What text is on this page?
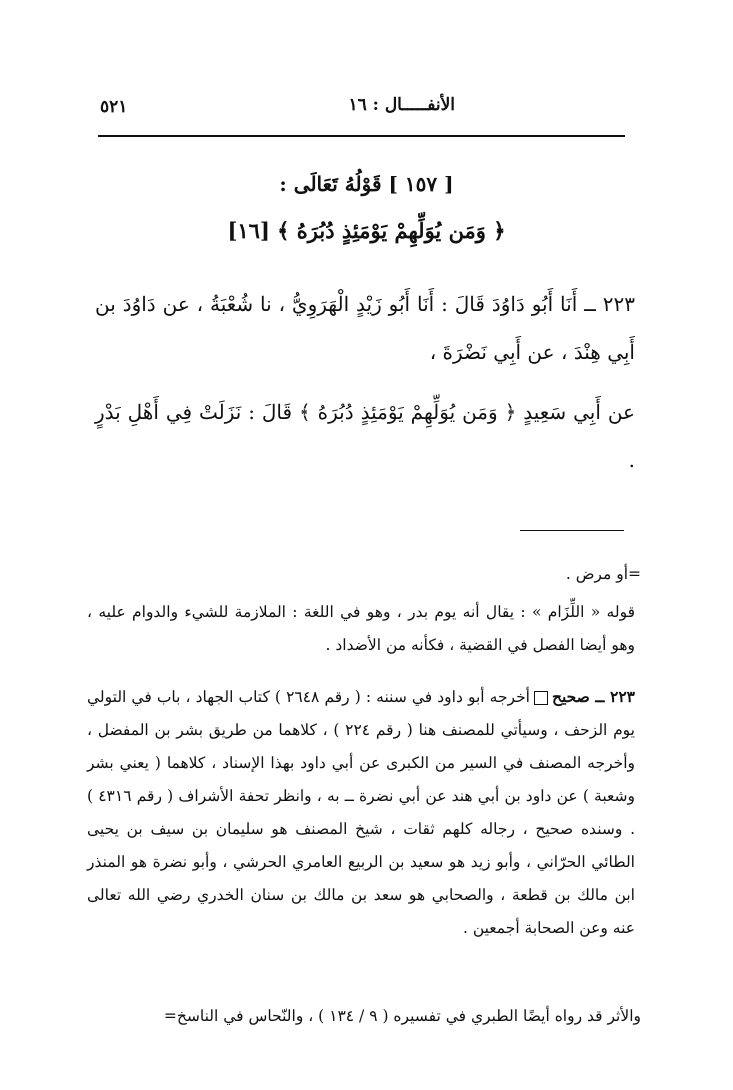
٥٢١	الأنفـــــال : ١٦
[ ١٥٧ ] قَوْلُهُ تَعَالَى :
﴿ وَمَن يُوَلِّهِمْ يَوْمَئِذٍ دُبُرَهُ ﴾ [١٦]
٢٢٣ ــ أَنَا أَبُو دَاوُدَ قَالَ : أَنَا أَبُو زَيْدٍ الْهَرَوِيُّ ، نا شُعْبَةُ ، عن دَاوُدَ بن أَبِي هِنْدَ ، عن أَبِي نَضْرَةَ ،
عن أَبِي سَعِيدٍ ﴿ وَمَن يُوَلِّهِمْ يَوْمَئِذٍ دُبُرَهُ ﴾ قَالَ : نَزَلَتْ فِي أَهْلِ بَدْرٍ .
=أو مرض .
قوله « اللِّزَام » : يقال أنه يوم بدر ، وهو في اللغة : الملازمة للشيء والدوام عليه ، وهو أيضا الفصل في القضية ، فكأنه من الأضداد .
٢٢٣ ــ صحيحأخرجه أبو داود في سننه : ( رقم ٢٦٤٨ ) كتاب الجهاد ، باب في التولي يوم الزحف ، وسيأتي للمصنف هنا ( رقم ٢٢٤ ) ، كلاهما من طريق بشر بن المفضل ، وأخرجه المصنف في السير من الكبرى عن أبي داود بهذا الإسناد ، كلاهما ( يعني بشر وشعبة ) عن داود بن أبي هند عن أبي نضرة ــ به ، وانظر تحفة الأشراف ( رقم ٤٣١٦ ) . وسنده صحيح ، رجاله كلهم ثقات ، شيخ المصنف هو سليمان بن سيف بن يحيى الطائي الحرّاني ، وأبو زيد هو سعيد بن الربيع العامري الحرشي ، وأبو نضرة هو المنذر ابن مالك بن قطعة ، والصحابي هو سعد بن مالك بن سنان الخدري رضي الله تعالى عنه وعن الصحابة أجمعين .
والأثر قد رواه أيضًا الطبري في تفسيره ( ٩ / ١٣٤ ) ، والنّحاس في الناسخ=
